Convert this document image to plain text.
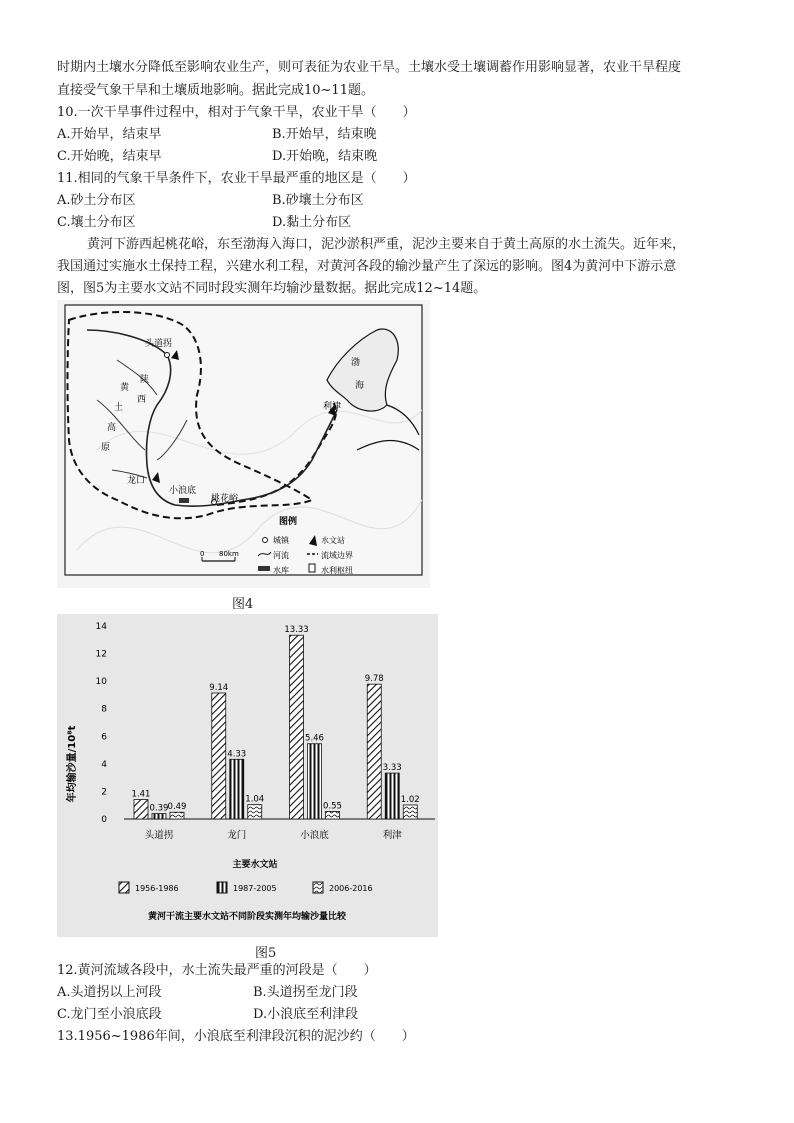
时期内土壤水分降低至影响农业生产，则可表征为农业干旱。土壤水受土壤调蓄作用影响显著，农业干旱程度
直接受气象干旱和土壤质地影响。据此完成10~11题。
10.一次干旱事件过程中，相对于气象干旱，农业干旱（　　）
A.开始早，结束早	B.开始早，结束晚
C.开始晚，结束早	D.开始晚，结束晚
11.相同的气象干旱条件下，农业干旱最严重的地区是（　　）
A.砂土分布区	B.砂壤土分布区
C.壤土分布区	D.黏土分布区
黄河下游西起桃花峪，东至渤海入海口，泥沙淤积严重，泥沙主要来自于黄土高原的水土流失。近年来，
我国通过实施水土保持工程，兴建水利工程，对黄河各段的输沙量产生了深远的影响。图4为黄河中下游示意
图，图5为主要水文站不同时段实测年均输沙量数据。据此完成12~14题。
头道拐
龙口
小浪底
桃花峪
利津
渤
海
黄
土
高
原
陕
西
图例
城镇	水文站
河流	流域边界
水库	水利枢纽
0 80km
图4
0
2
4
6
8
10
12
14
1.41
0.39 0.49
头道拐
9.14
4.33
1.04
龙门
13.33
5.46
0.55
小浪底
9.78
3.33
1.02
利津
主要水文站
1956-1986	1987-2005	2006-2016
黄河干流主要水文站不同阶段实测年均输沙量比较
年均输沙量/10⁸t
图5
12.黄河流域各段中，水土流失最严重的河段是（　　）
A.头道拐以上河段	B.头道拐至龙门段
C.龙门至小浪底段	D.小浪底至利津段
13.1956~1986年间，小浪底至利津段沉积的泥沙约（　　）
